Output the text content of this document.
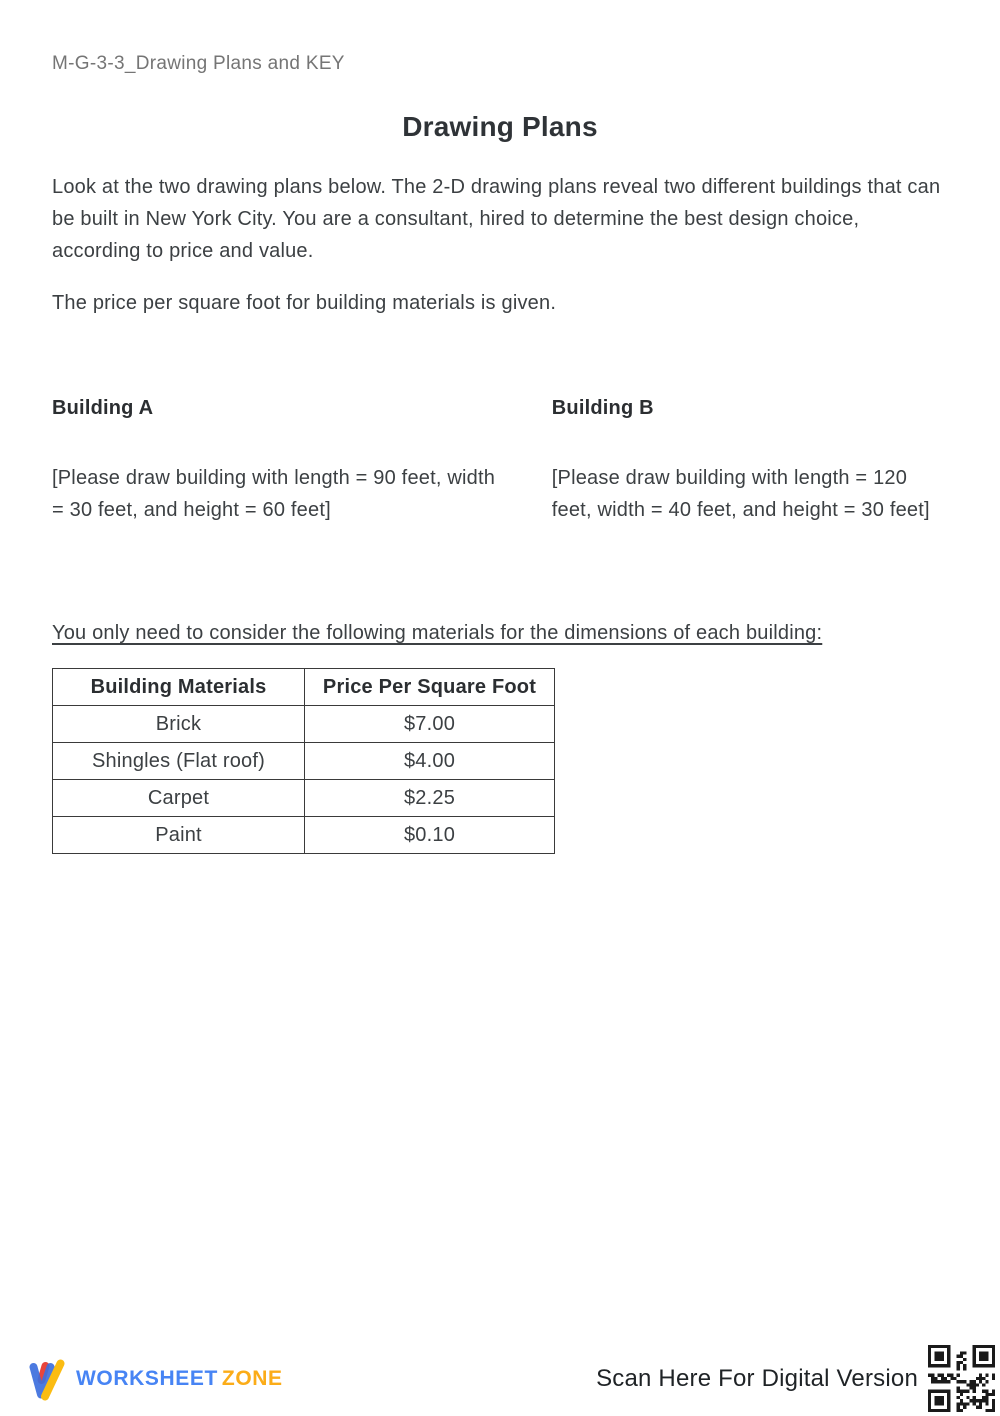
M-G-3-3_Drawing Plans and KEY
Drawing Plans

Look at the two drawing plans below. The 2-D drawing plans reveal two different buildings that can be built in New York City. You are a consultant, hired to determine the best design choice, according to price and value.

The price per square foot for building materials is given.

Building A

[Please draw building with length = 90 feet, width = 30 feet, and height = 60 feet]

Building B

[Please draw building with length = 120 feet, width = 40 feet, and height = 30 feet]

You only need to consider the following materials for the dimensions of each building:

Building Materials	Price Per Square Foot
Brick	$7.00
Shingles (Flat roof)	$4.00
Carpet	$2.25
Paint	$0.10
WORKSHEET ZONE	Scan Here For Digital Version
